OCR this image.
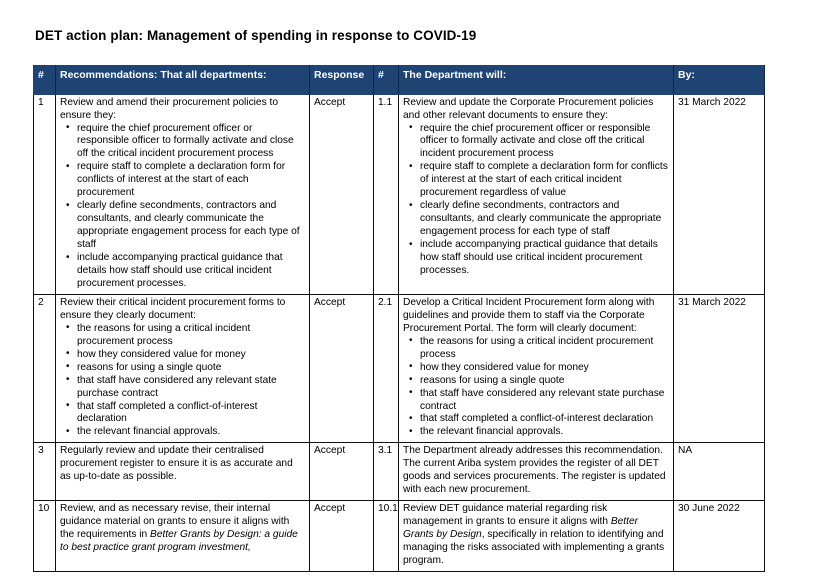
DET action plan: Management of spending in response to COVID-19
#	Recommendations: That all departments:	Response	#	The Department will:	By:
1	Review and amend their procurement policies to ensure they:

• require the chief procurement officer or responsible officer to formally activate and close off the critical incident procurement process
• require staff to complete a declaration form for conflicts of interest at the start of each procurement
• clearly define secondments, contractors and consultants, and clearly communicate the appropriate engagement process for each type of staff
• include accompanying practical guidance that details how staff should use critical incident procurement processes.
	Accept	1.1	Review and update the Corporate Procurement policies and other relevant documents to ensure they:

• require the chief procurement officer or responsible officer to formally activate and close off the critical incident procurement process
• require staff to complete a declaration form for conflicts of interest at the start of each critical incident procurement regardless of value
• clearly define secondments, contractors and consultants, and clearly communicate the appropriate engagement process for each type of staff
• include accompanying practical guidance that details how staff should use critical incident procurement processes.
	31 March 2022
2	Review their critical incident procurement forms to ensure they clearly document:

• the reasons for using a critical incident procurement process
• how they considered value for money
• reasons for using a single quote
• that staff have considered any relevant state purchase contract
• that staff completed a conflict-of-interest declaration
• the relevant financial approvals.
	Accept	2.1	Develop a Critical Incident Procurement form along with guidelines and provide them to staff via the Corporate Procurement Portal. The form will clearly document:

• the reasons for using a critical incident procurement process
• how they considered value for money
• reasons for using a single quote
• that staff have considered any relevant state purchase contract
• that staff completed a conflict-of-interest declaration
• the relevant financial approvals.
	31 March 2022
3	Regularly review and update their centralised procurement register to ensure it is as accurate and as up-to-date as possible.	Accept	3.1	The Department already addresses this recommendation. The current Ariba system provides the register of all DET goods and services procurements. The register is updated with each new procurement.	NA
10	Review, and as necessary revise, their internal guidance material on grants to ensure it aligns with the requirements in Better Grants by Design: a guide to best practice grant program investment,	Accept	10.1	Review DET guidance material regarding risk management in grants to ensure it aligns with Better Grants by Design, specifically in relation to identifying and managing the risks associated with implementing a grants program.	30 June 2022
